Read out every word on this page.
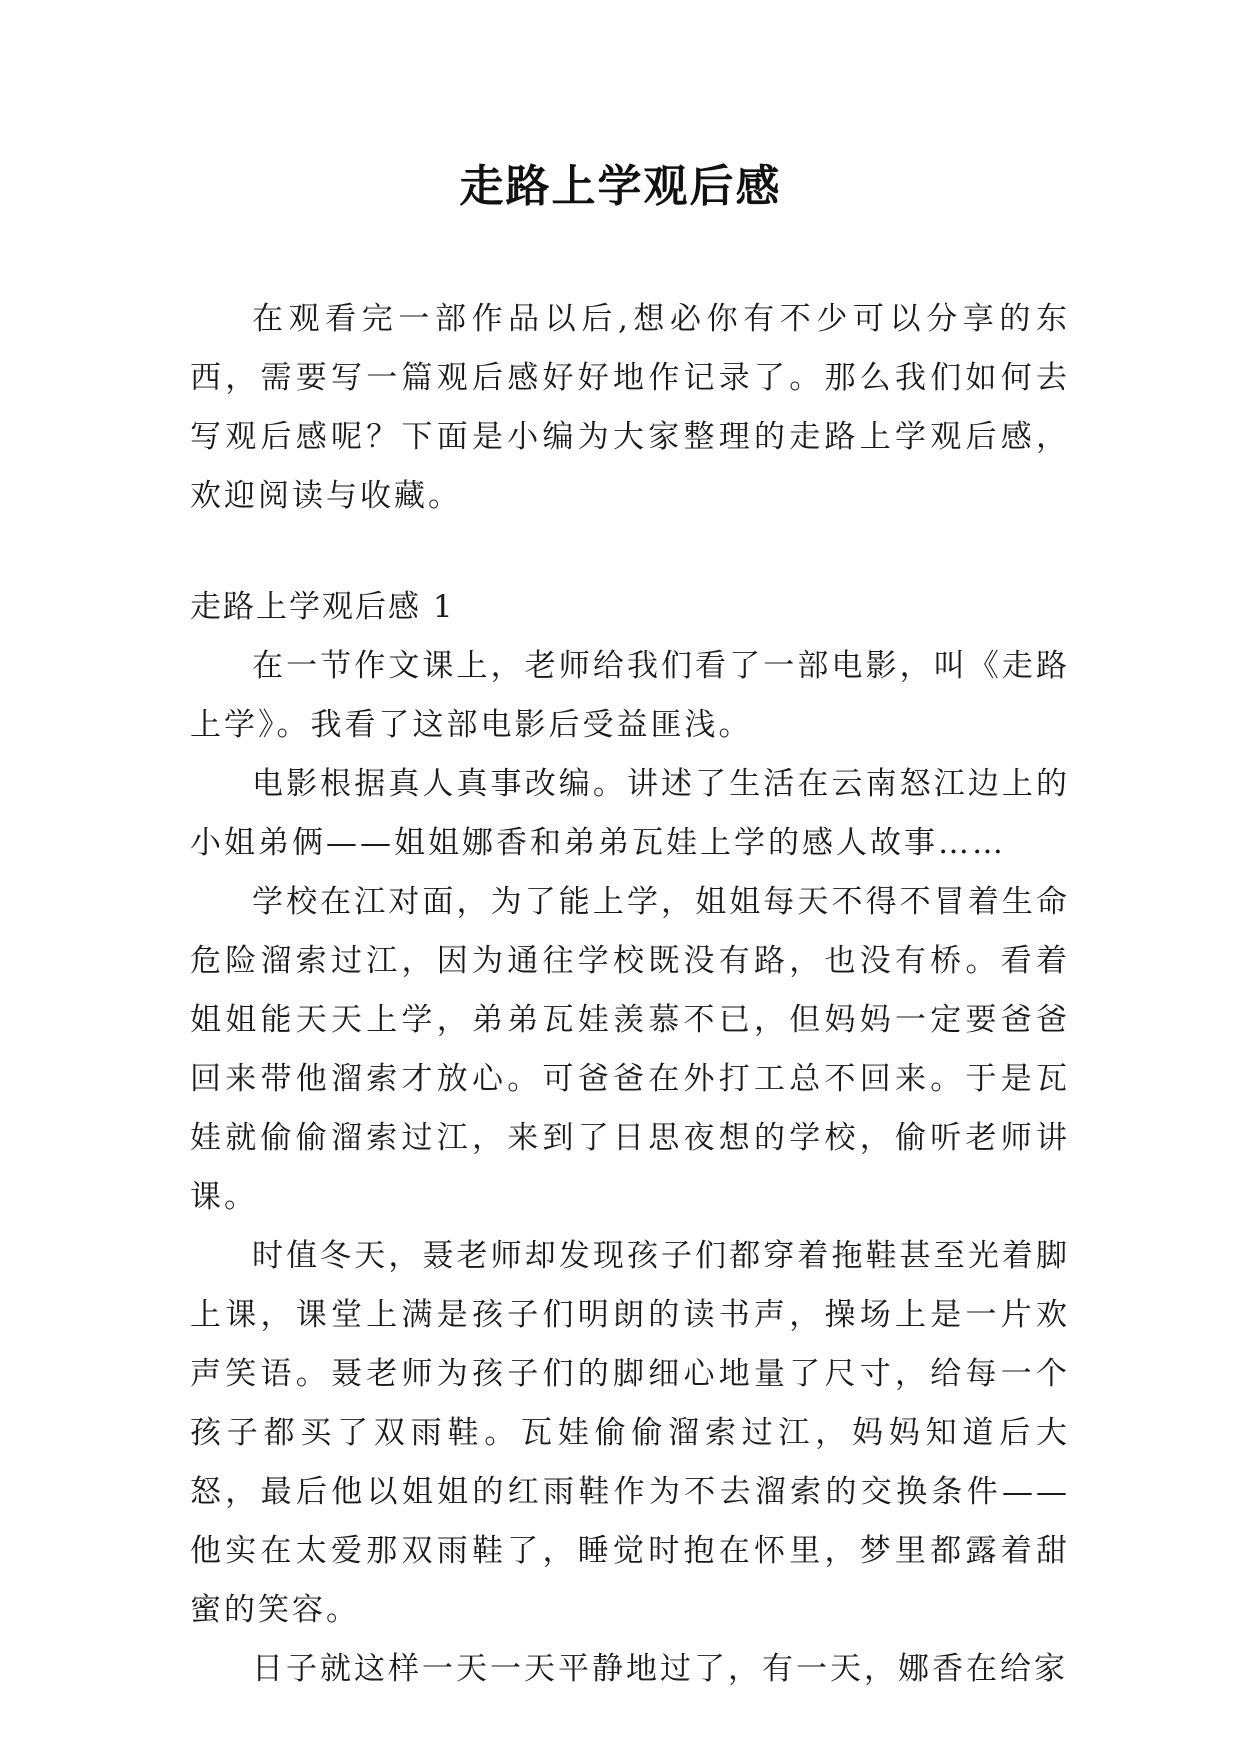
走路上学观后感

在观看完一部作品以后,想必你有不少可以分享的东西，需要写一篇观后感好好地作记录了。那么我们如何去写观后感呢？下面是小编为大家整理的走路上学观后感，欢迎阅读与收藏。

走路上学观后感 1

在一节作文课上，老师给我们看了一部电影，叫《走路上学》。我看了这部电影后受益匪浅。

电影根据真人真事改编。讲述了生活在云南怒江边上的小姐弟俩——姐姐娜香和弟弟瓦娃上学的感人故事……

学校在江对面，为了能上学，姐姐每天不得不冒着生命危险溜索过江，因为通往学校既没有路，也没有桥。看着姐姐能天天上学，弟弟瓦娃羡慕不已，但妈妈一定要爸爸回来带他溜索才放心。可爸爸在外打工总不回来。于是瓦娃就偷偷溜索过江，来到了日思夜想的学校，偷听老师讲课。

时值冬天，聂老师却发现孩子们都穿着拖鞋甚至光着脚上课，课堂上满是孩子们明朗的读书声，操场上是一片欢声笑语。聂老师为孩子们的脚细心地量了尺寸，给每一个孩子都买了双雨鞋。瓦娃偷偷溜索过江，妈妈知道后大怒，最后他以姐姐的红雨鞋作为不去溜索的交换条件——他实在太爱那双雨鞋了，睡觉时抱在怀里，梦里都露着甜蜜的笑容。

日子就这样一天一天平静地过了，有一天，娜香在给家
